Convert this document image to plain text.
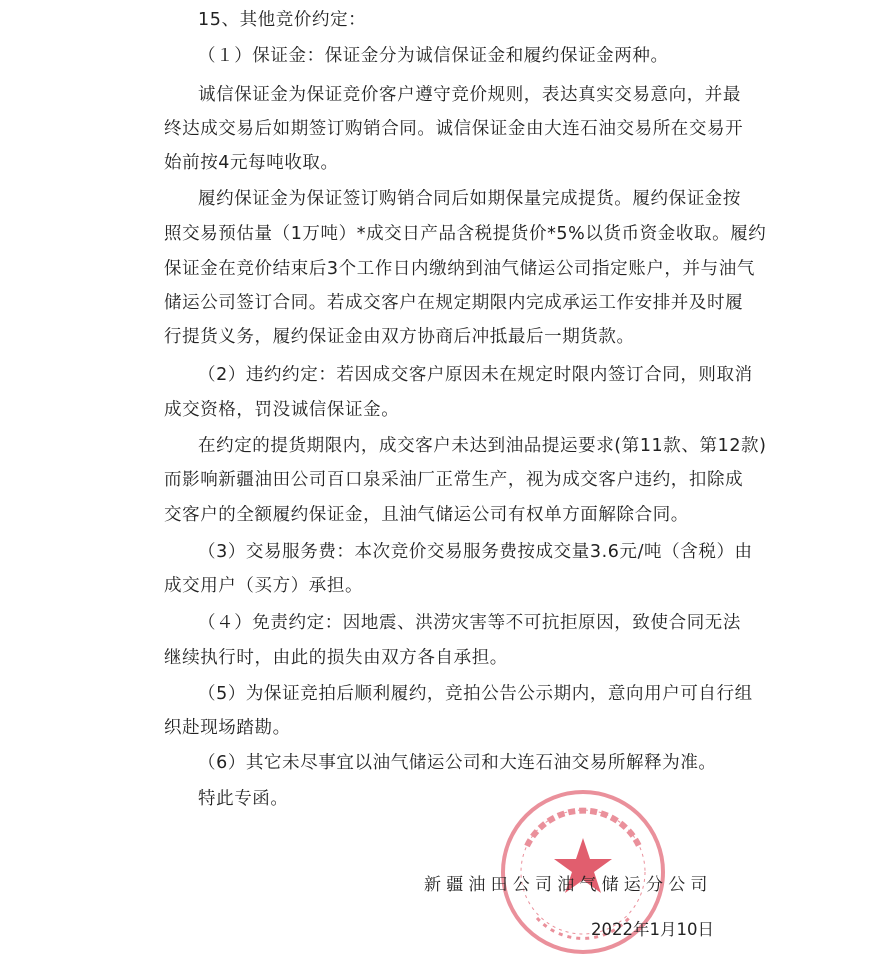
15、其他竞价约定：
（１）保证金：保证金分为诚信保证金和履约保证金两种。
诚信保证金为保证竞价客户遵守竞价规则，表达真实交易意向，并最
终达成交易后如期签订购销合同。诚信保证金由大连石油交易所在交易开
始前按4元每吨收取。
履约保证金为保证签订购销合同后如期保量完成提货。履约保证金按
照交易预估量（1万吨）*成交日产品含税提货价*5%以货币资金收取。履约
保证金在竞价结束后3个工作日内缴纳到油气储运公司指定账户，并与油气
储运公司签订合同。若成交客户在规定期限内完成承运工作安排并及时履
行提货义务，履约保证金由双方协商后冲抵最后一期货款。
（2）违约约定：若因成交客户原因未在规定时限内签订合同，则取消
成交资格，罚没诚信保证金。
在约定的提货期限内，成交客户未达到油品提运要求(第11款、第12款)
而影响新疆油田公司百口泉采油厂正常生产，视为成交客户违约，扣除成
交客户的全额履约保证金，且油气储运公司有权单方面解除合同。
（3）交易服务费：本次竞价交易服务费按成交量3.6元/吨（含税）由
成交用户（买方）承担。
（４）免责约定：因地震、洪涝灾害等不可抗拒原因，致使合同无法
继续执行时，由此的损失由双方各自承担。
（5）为保证竞拍后顺利履约，竞拍公告公示期内，意向用户可自行组
织赴现场踏勘。
（6）其它未尽事宜以油气储运公司和大连石油交易所解释为准。
特此专函。
新疆油田公司油气储运分公司
2022年1月10日
